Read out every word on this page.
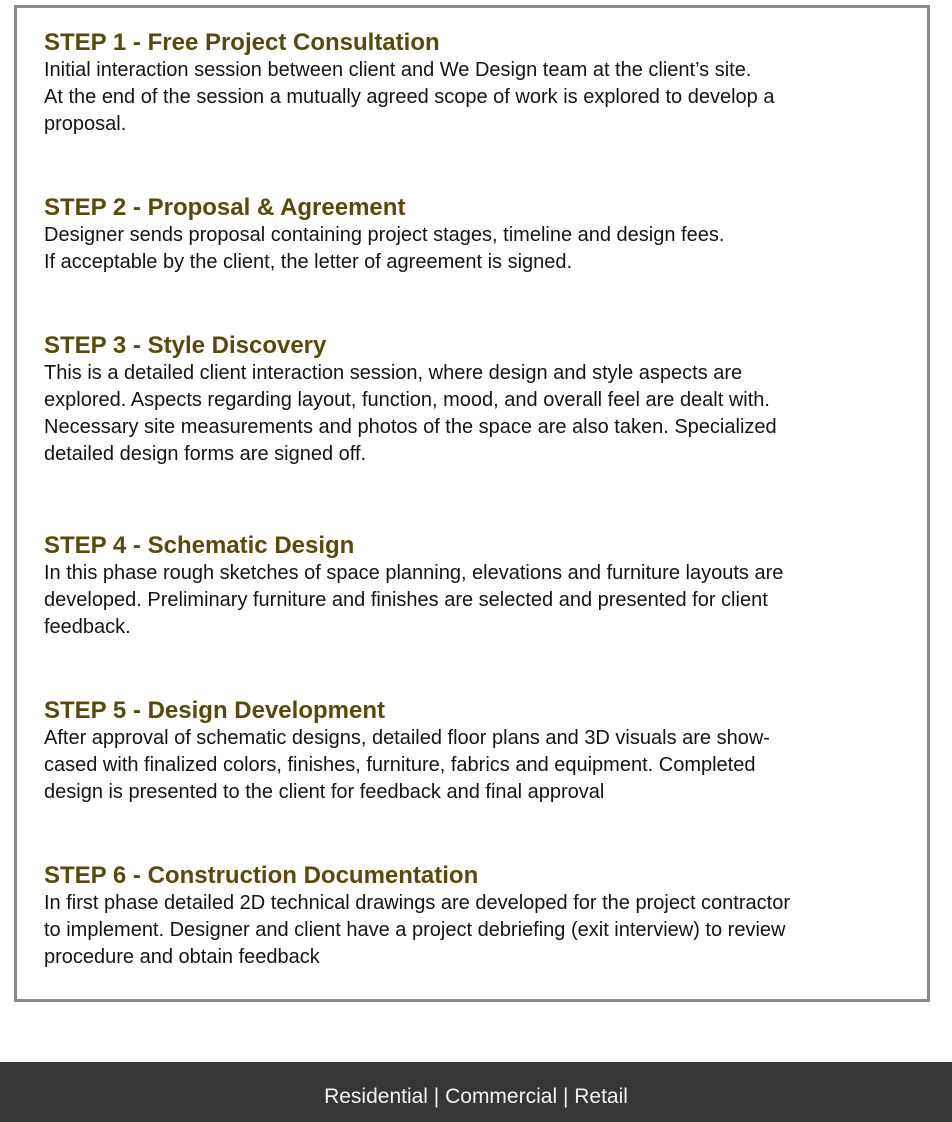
STEP 1 - Free Project Consultation

Initial interaction session between client and We Design team at the client’s site.

At the end of the session a mutually agreed scope of work is explored to develop a

proposal.

STEP 2 - Proposal & Agreement

Designer sends proposal containing project stages, timeline and design fees.

If acceptable by the client, the letter of agreement is signed.

STEP 3 - Style Discovery

This is a detailed client interaction session, where design and style aspects are

explored. Aspects regarding layout, function, mood, and overall feel are dealt with.

Necessary site measurements and photos of the space are also taken. Specialized

detailed design forms are signed off.

STEP 4 - Schematic Design

In this phase rough sketches of space planning, elevations and furniture layouts are

developed. Preliminary furniture and finishes are selected and presented for client

feedback.

STEP 5 - Design Development

After approval of schematic designs, detailed floor plans and 3D visuals are show-

cased with finalized colors, finishes, furniture, fabrics and equipment. Completed

design is presented to the client for feedback and final approval

STEP 6 - Construction Documentation

In first phase detailed 2D technical drawings are developed for the project contractor

to implement. Designer and client have a project debriefing (exit interview) to review

procedure and obtain feedback

Residential | Commercial | Retail
